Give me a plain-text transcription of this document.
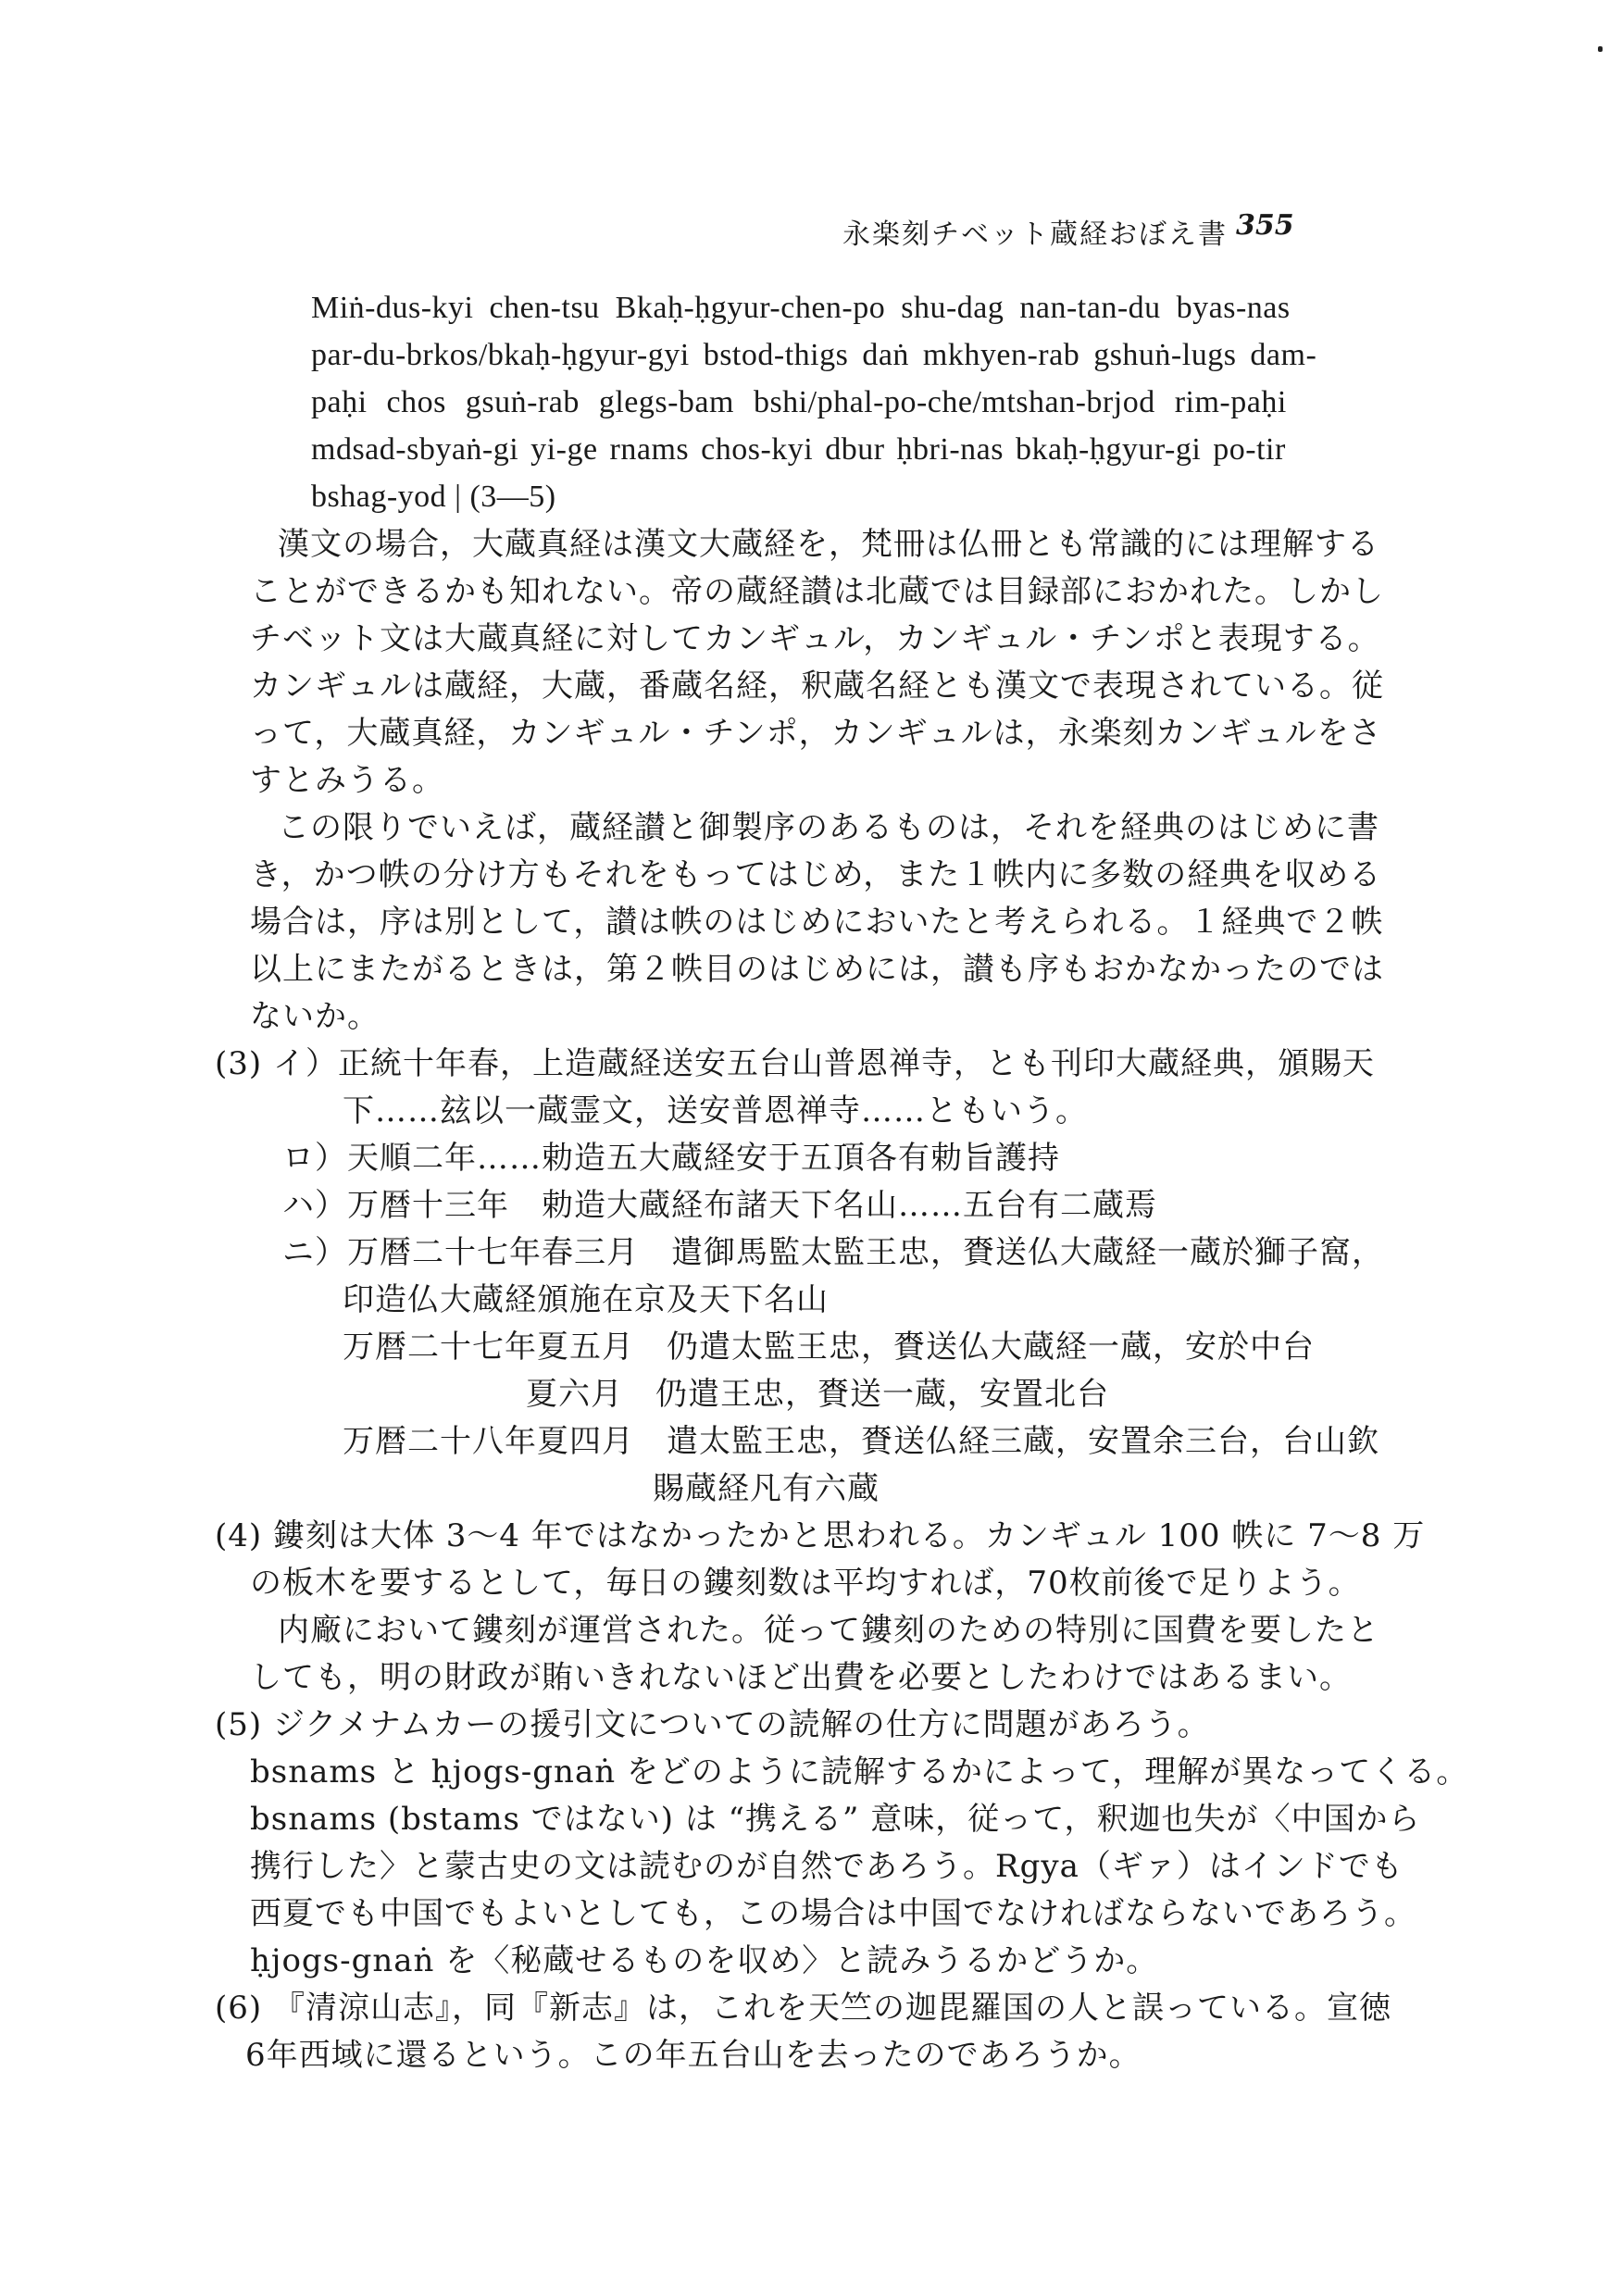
永楽刻チベット蔵経おぼえ書 355
Miṅ-dus-kyi chen-tsu Bkaḥ-ḥgyur-chen-po shu-dag nan-tan-du byas-nas
par-du-brkos/bkaḥ-ḥgyur-gyi bstod-thigs daṅ mkhyen-rab gshuṅ-lugs dam-
paḥi chos gsuṅ-rab glegs-bam bshi/phal-po-che/mtshan-brjod rim-paḥi
mdsad-sbyaṅ-gi yi-ge rnams chos-kyi dbur ḥbri-nas bkaḥ-ḥgyur-gi po-tir
bshag-yod | (3—5)
漢文の場合，大蔵真経は漢文大蔵経を，梵冊は仏冊とも常識的には理解する
ことができるかも知れない。帝の蔵経讃は北蔵では目録部におかれた。しかし
チベット文は大蔵真経に対してカンギュル，カンギュル・チンポと表現する。
カンギュルは蔵経，大蔵，番蔵名経，釈蔵名経とも漢文で表現されている。従
って，大蔵真経，カンギュル・チンポ，カンギュルは，永楽刻カンギュルをさ
すとみうる。
この限りでいえば，蔵経讃と御製序のあるものは，それを経典のはじめに書
き，かつ帙の分け方もそれをもってはじめ，また１帙内に多数の経典を収める
場合は，序は別として，讃は帙のはじめにおいたと考えられる。１経典で２帙
以上にまたがるときは，第２帙目のはじめには，讃も序もおかなかったのでは
ないか。
(3) イ）正統十年春，上造蔵経送安五台山普恩禅寺，とも刊印大蔵経典，頒賜天
下……玆以一蔵霊文，送安普恩禅寺……ともいう。
ロ）天順二年……勅造五大蔵経安于五頂各有勅旨護持
ハ）万暦十三年　勅造大蔵経布諸天下名山……五台有二蔵焉
ニ）万暦二十七年春三月　遣御馬監太監王忠，賚送仏大蔵経一蔵於獅子窩，
印造仏大蔵経頒施在京及天下名山
万暦二十七年夏五月　仍遣太監王忠，賚送仏大蔵経一蔵，安於中台
夏六月　仍遣王忠，賚送一蔵，安置北台
万暦二十八年夏四月　遣太監王忠，賚送仏経三蔵，安置余三台，台山欽
賜蔵経凡有六蔵
(4) 鏤刻は大体 3〜4 年ではなかったかと思われる。カンギュル 100 帙に 7〜8 万
の板木を要するとして，毎日の鏤刻数は平均すれば，70枚前後で足りよう。
内廠において鏤刻が運営された。従って鏤刻のための特別に国費を要したと
しても，明の財政が賄いきれないほど出費を必要としたわけではあるまい。
(5) ジクメナムカーの援引文についての読解の仕方に問題があろう。
bsnams と ḥjogs-gnaṅ をどのように読解するかによって，理解が異なってくる。
bsnams (bstams ではない) は “携える” 意味，従って，釈迦也失が〈中国から
携行した〉と蒙古史の文は読むのが自然であろう。Rgya（ギァ）はインドでも
西夏でも中国でもよいとしても，この場合は中国でなければならないであろう。
ḥjogs-gnaṅ を〈秘蔵せるものを収め〉と読みうるかどうか。
(6) 『清涼山志』，同『新志』は，これを天竺の迦毘羅国の人と誤っている。宣徳
6年西域に還るという。この年五台山を去ったのであろうか。
